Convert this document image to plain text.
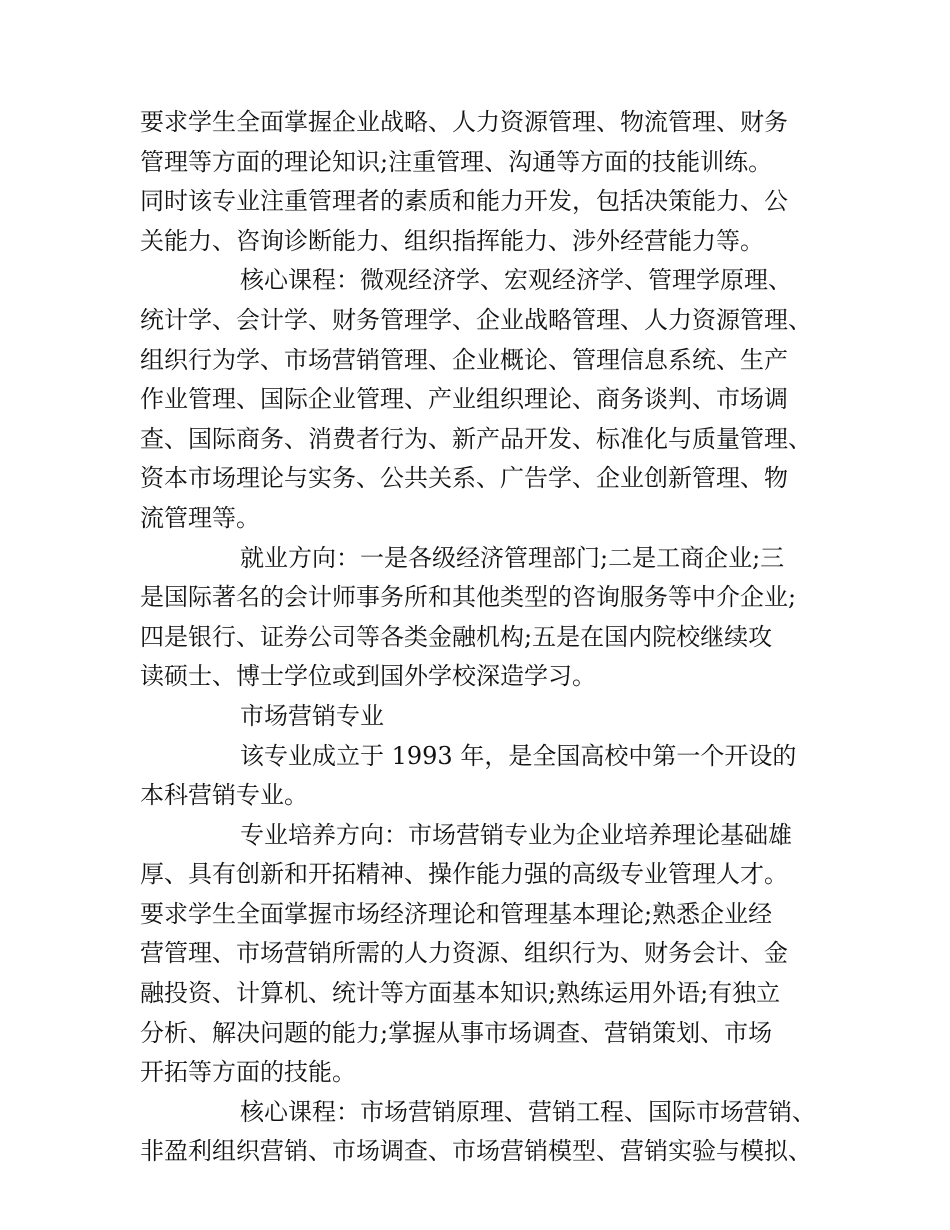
要求学生全面掌握企业战略、人力资源管理、物流管理、财务
管理等方面的理论知识;注重管理、沟通等方面的技能训练。
同时该专业注重管理者的素质和能力开发，包括决策能力、公
关能力、咨询诊断能力、组织指挥能力、涉外经营能力等。
核心课程：微观经济学、宏观经济学、管理学原理、
统计学、会计学、财务管理学、企业战略管理、人力资源管理、
组织行为学、市场营销管理、企业概论、管理信息系统、生产
作业管理、国际企业管理、产业组织理论、商务谈判、市场调
查、国际商务、消费者行为、新产品开发、标准化与质量管理、
资本市场理论与实务、公共关系、广告学、企业创新管理、物
流管理等。
就业方向：一是各级经济管理部门;二是工商企业;三
是国际著名的会计师事务所和其他类型的咨询服务等中介企业;
四是银行、证券公司等各类金融机构;五是在国内院校继续攻
读硕士、博士学位或到国外学校深造学习。
市场营销专业
该专业成立于 1993 年，是全国高校中第一个开设的
本科营销专业。
专业培养方向：市场营销专业为企业培养理论基础雄
厚、具有创新和开拓精神、操作能力强的高级专业管理人才。
要求学生全面掌握市场经济理论和管理基本理论;熟悉企业经
营管理、市场营销所需的人力资源、组织行为、财务会计、金
融投资、计算机、统计等方面基本知识;熟练运用外语;有独立
分析、解决问题的能力;掌握从事市场调查、营销策划、市场
开拓等方面的技能。
核心课程：市场营销原理、营销工程、国际市场营销、
非盈利组织营销、市场调查、市场营销模型、营销实验与模拟、
